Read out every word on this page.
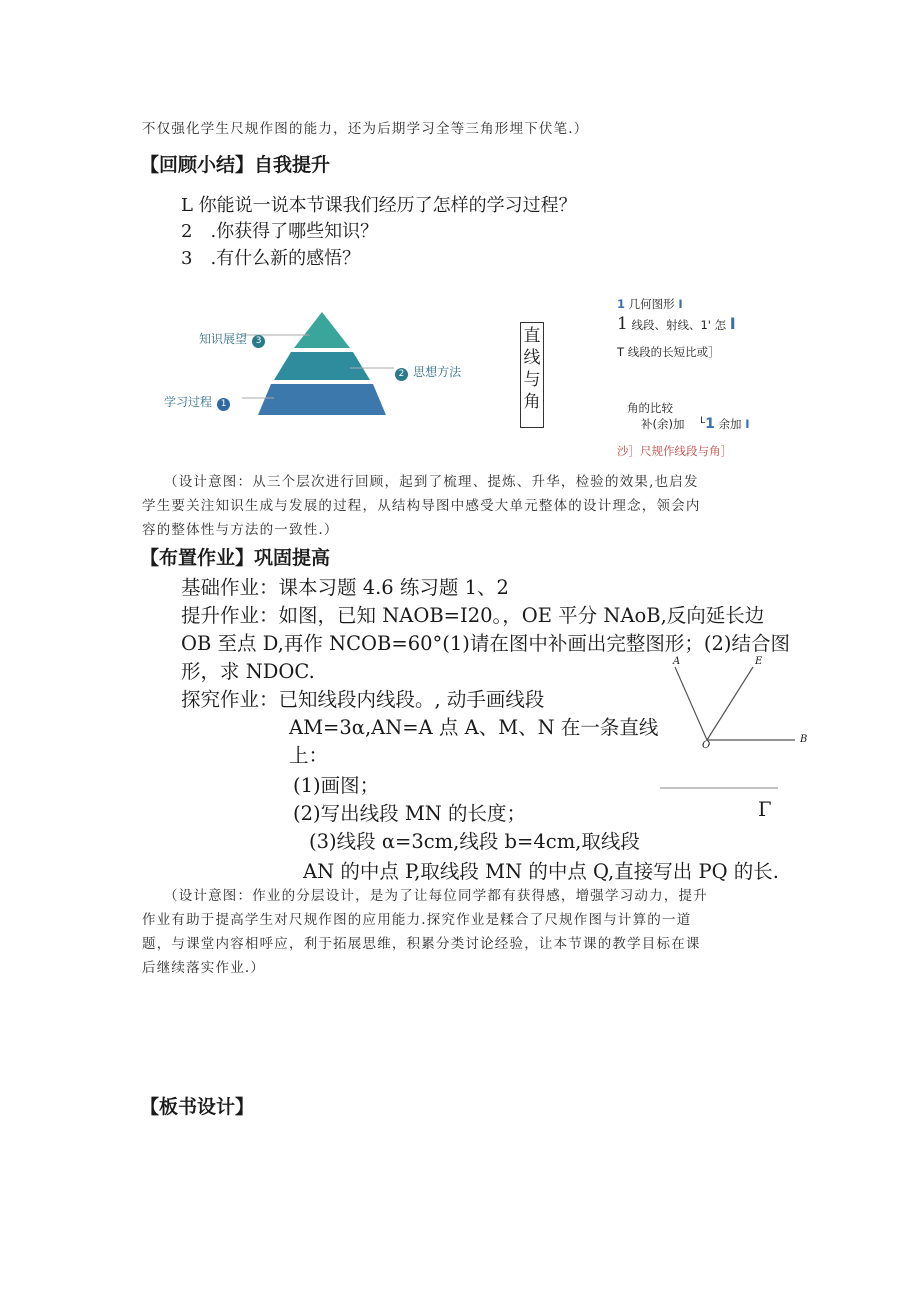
不仅强化学生尺规作图的能力，还为后期学习全等三角形埋下伏笔.）
【回顾小结】自我提升
L 你能说一说本节课我们经历了怎样的学习过程？
2　.你获得了哪些知识？
3　.有什么新的感悟？
知识展望 3
2 思想方法
学习过程 1
直
线
与
角
1 几何图形 I
1 线段、射线、1' 怎 I
T 线段的长短比或］
角的比较
补(余)加 $^L$1 余加 I
沙］尺规作线段与角］
（设计意图：从三个层次进行回顾，起到了梳理、提炼、升华，检验的效果,也启发
学生要关注知识生成与发展的过程，从结构导图中感受大单元整体的设计理念，领会内
容的整体性与方法的一致性.）
【布置作业】巩固提高
基础作业：课本习题 4.6 练习题 1、2
提升作业：如图，已知 NAOB=I20。，OE 平分 NAoB,反向延长边
OB 至点 D,再作 NCOB=60°(1)请在图中补画出完整图形；(2)结合图
形，求 NDOC.
探究作业：已知线段内线段。, 动手画线段
AM=3α,AN=A 点 A、M、N 在一条直线
上：
(1)画图；
(2)写出线段 MN 的长度；	Γ
(3)线段 α=3cm,线段 b=4cm,取线段
AN 的中点 P,取线段 MN 的中点 Q,直接写出 PQ 的长.
A	E
O
B
（设计意图：作业的分层设计，是为了让每位同学都有获得感，增强学习动力，提升
作业有助于提高学生对尺规作图的应用能力.探究作业是糅合了尺规作图与计算的一道
题，与课堂内容相呼应，利于拓展思维，积累分类讨论经验，让本节课的教学目标在课
后继续落实作业.）
【板书设计】
